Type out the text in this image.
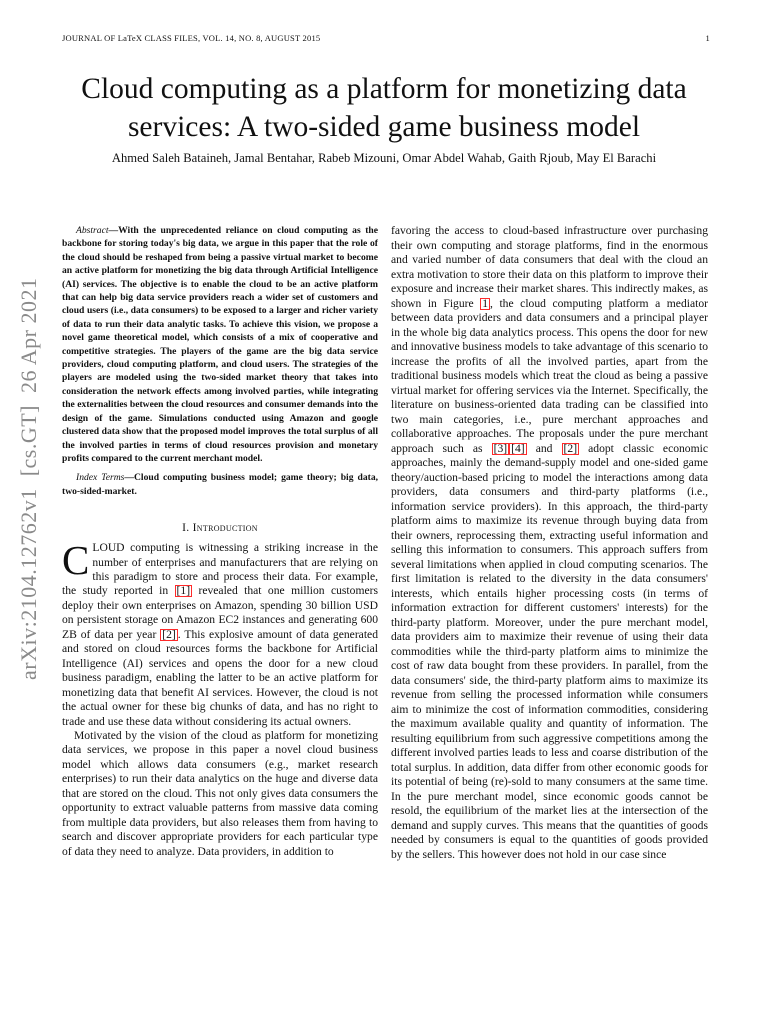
JOURNAL OF LaTeX CLASS FILES, VOL. 14, NO. 8, AUGUST 2015	1
arXiv:2104.12762v1  [cs.GT]  26 Apr 2021
Cloud computing as a platform for monetizing data services: A two-sided game business model
Ahmed Saleh Bataineh, Jamal Bentahar, Rabeb Mizouni, Omar Abdel Wahab, Gaith Rjoub, May El Barachi

Abstract—With the unprecedented reliance on cloud computing as the backbone for storing today's big data, we argue in this paper that the role of the cloud should be reshaped from being a passive virtual market to become an active platform for monetizing the big data through Artificial Intelligence (AI) services. The objective is to enable the cloud to be an active platform that can help big data service providers reach a wider set of customers and cloud users (i.e., data consumers) to be exposed to a larger and richer variety of data to run their data analytic tasks. To achieve this vision, we propose a novel game theoretical model, which consists of a mix of cooperative and competitive strategies. The players of the game are the big data service providers, cloud computing platform, and cloud users. The strategies of the players are modeled using the two-sided market theory that takes into consideration the network effects among involved parties, while integrating the externalities between the cloud resources and consumer demands into the design of the game. Simulations conducted using Amazon and google clustered data show that the proposed model improves the total surplus of all the involved parties in terms of cloud resources provision and monetary profits compared to the current merchant model.

Index Terms—Cloud computing business model; game theory; big data, two-sided-market.

I. Introduction

CLOUD computing is witnessing a striking increase in the number of enterprises and manufacturers that are relying on this paradigm to store and process their data. For example, the study reported in [1] revealed that one million customers deploy their own enterprises on Amazon, spending 30 billion USD on persistent storage on Amazon EC2 instances and generating 600 ZB of data per year [2] . This explosive amount of data generated and stored on cloud resources forms the backbone for Artificial Intelligence (AI) services and opens the door for a new cloud business paradigm, enabling the latter to be an active platform for monetizing data that benefit AI services. However, the cloud is not the actual owner for these big chunks of data, and has no right to trade and use these data without considering its actual owners.

Motivated by the vision of the cloud as platform for monetizing data services, we propose in this paper a novel cloud business model which allows data consumers (e.g., market research enterprises) to run their data analytics on the huge and diverse data that are stored on the cloud. This not only gives data consumers the opportunity to extract valuable patterns from massive data coming from multiple data providers, but also releases them from having to search and discover appropriate providers for each particular type of data they need to analyze. Data providers, in addition to

favoring the access to cloud-based infrastructure over purchasing their own computing and storage platforms, find in the enormous and varied number of data consumers that deal with the cloud an extra motivation to store their data on this platform to improve their exposure and increase their market shares. This indirectly makes, as shown in Figure 1 , the cloud computing platform a mediator between data providers and data consumers and a principal player in the whole big data analytics process. This opens the door for new and innovative business models to take advantage of this scenario to increase the profits of all the involved parties, apart from the traditional business models which treat the cloud as being a passive virtual market for offering services via the Internet. Specifically, the literature on business-oriented data trading can be classified into two main categories, i.e., pure merchant approaches and collaborative approaches. The proposals under the pure merchant approach such as [3] [4] and [2] adopt classic economic approaches, mainly the demand-supply model and one-sided game theory/auction-based pricing to model the interactions among data providers, data consumers and third-party platforms (i.e., information service providers). In this approach, the third-party platform aims to maximize its revenue through buying data from their owners, reprocessing them, extracting useful information and selling this information to consumers. This approach suffers from several limitations when applied in cloud computing scenarios. The first limitation is related to the diversity in the data consumers' interests, which entails higher processing costs (in terms of information extraction for different customers' interests) for the third-party platform. Moreover, under the pure merchant model, data providers aim to maximize their revenue of using their data commodities while the third-party platform aims to minimize the cost of raw data bought from these providers. In parallel, from the data consumers' side, the third-party platform aims to maximize its revenue from selling the processed information while consumers aim to minimize the cost of information commodities, considering the maximum available quality and quantity of information. The resulting equilibrium from such aggressive competitions among the different involved parties leads to less and coarse distribution of the total surplus. In addition, data differ from other economic goods for its potential of being (re)-sold to many consumers at the same time. In the pure merchant model, since economic goods cannot be resold, the equilibrium of the market lies at the intersection of the demand and supply curves. This means that the quantities of goods needed by consumers is equal to the quantities of goods provided by the sellers. This however does not hold in our case since
